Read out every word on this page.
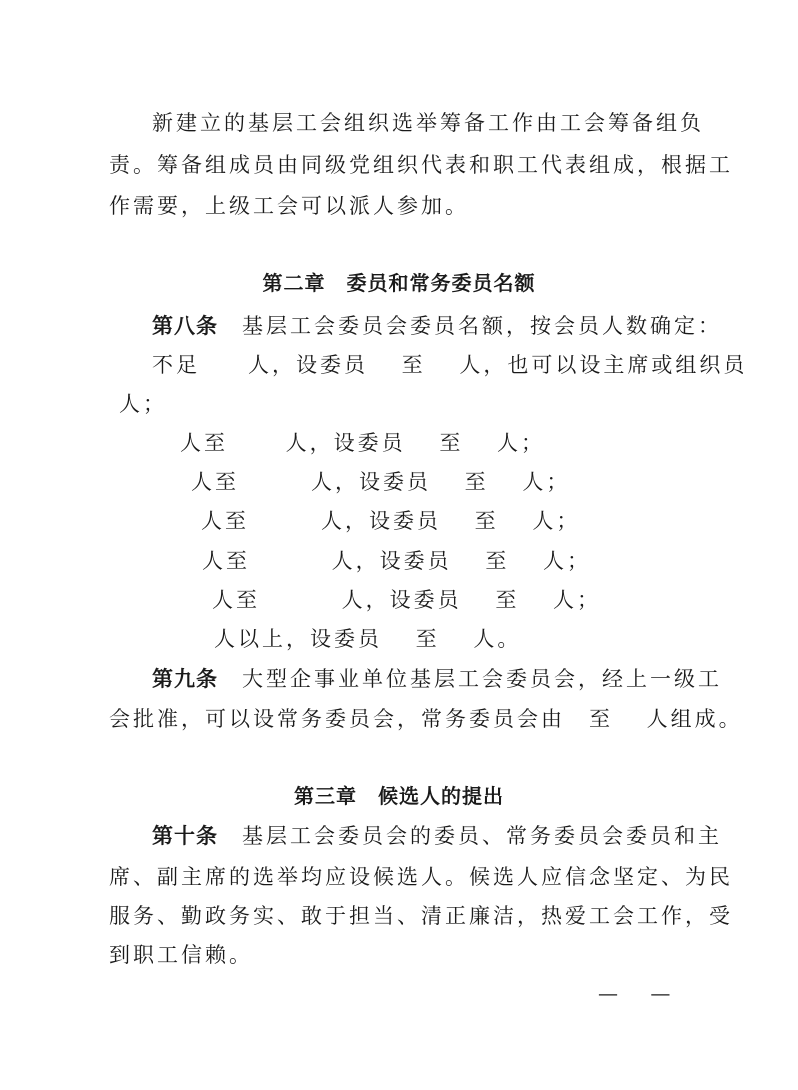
新建立的基层工会组织选举筹备工作由工会筹备组负
责。筹备组成员由同级党组织代表和职工代表组成，根据工
作需要，上级工会可以派人参加。
第二章　委员和常务委员名额
第八条　基层工会委员会委员名额，按会员人数确定：
不足　　人，设委员　 至　 人，也可以设主席或组织员
人；
人至　　 人，设委员　 至　 人；
人至　　　人，设委员　 至　 人；
人至　　　人，设委员　 至　 人；
人至　　　 人，设委员　 至　 人；
人至　　　 人，设委员　 至　 人；
人以上，设委员　 至　 人。
第九条　大型企事业单位基层工会委员会，经上一级工
会批准，可以设常务委员会，常务委员会由　至　 人组成。
第三章　候选人的提出
第十条　基层工会委员会的委员、常务委员会委员和主
席、副主席的选举均应设候选人。候选人应信念坚定、为民
服务、勤政务实、敢于担当、清正廉洁，热爱工会工作，受
到职工信赖。
—　 —
